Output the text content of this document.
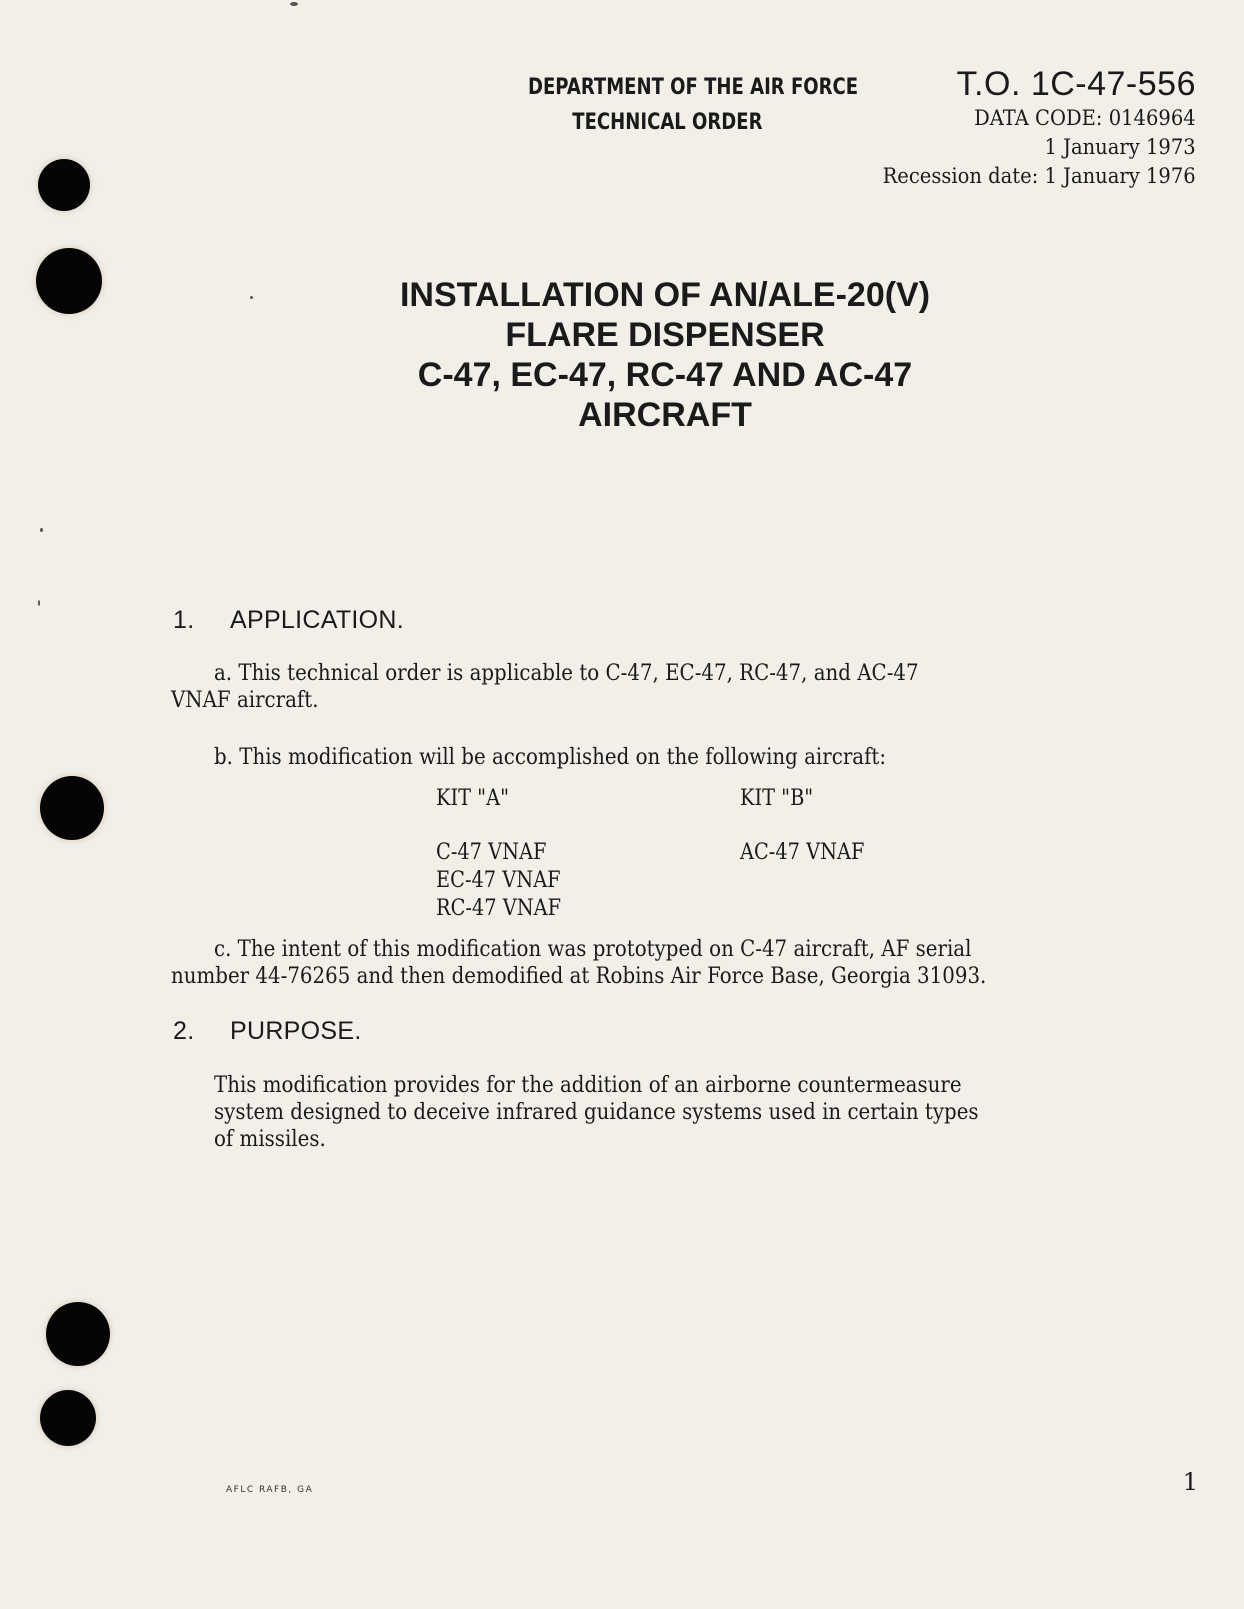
DEPARTMENT OF THE AIR FORCE
TECHNICAL ORDER
T.O. 1C-47-556
DATA CODE: 0146964
1 January 1973
Recession date: 1 January 1976
INSTALLATION OF AN/ALE-20(V)
FLARE DISPENSER
C-47, EC-47, RC-47 AND AC-47
AIRCRAFT
1. APPLICATION.
a. This technical order is applicable to C-47, EC-47, RC-47, and AC-47
VNAF aircraft.
b. This modification will be accomplished on the following aircraft:
KIT "A"
C-47 VNAF
EC-47 VNAF
RC-47 VNAF
KIT "B"
AC-47 VNAF
c. The intent of this modification was prototyped on C-47 aircraft, AF serial
number 44-76265 and then demodified at Robins Air Force Base, Georgia 31093.
2. PURPOSE.
This modification provides for the addition of an airborne countermeasure
system designed to deceive infrared guidance systems used in certain types
of missiles.
AFLC RAFB, GA	1
